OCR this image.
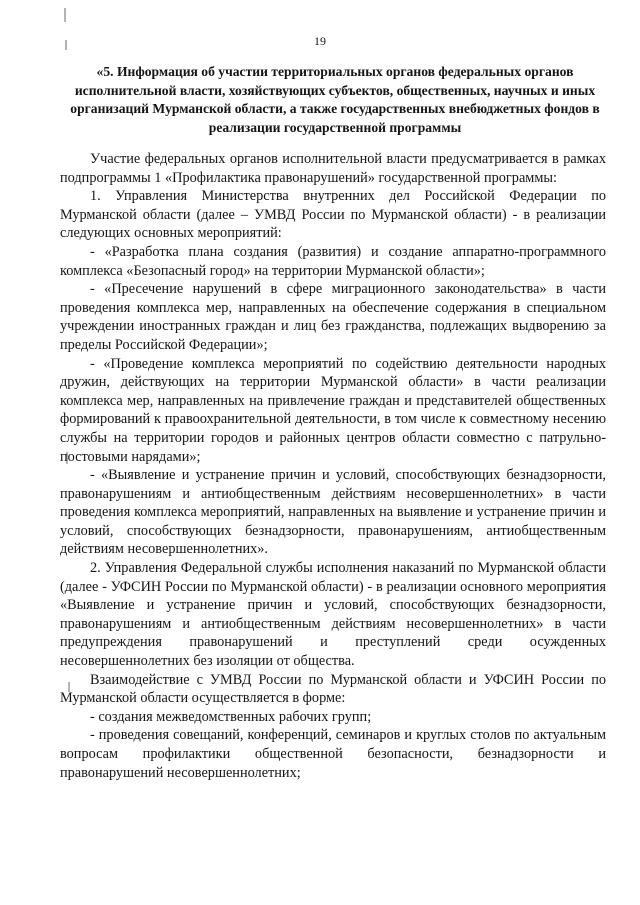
19
«5. Информация об участии территориальных органов федеральных органов исполнительной власти, хозяйствующих субъектов, общественных, научных и иных организаций Мурманской области, а также государственных внебюджетных фондов в реализации государственной программы

Участие федеральных органов исполнительной власти предусматривается в рамках подпрограммы 1 «Профилактика правонарушений» государственной программы:

1. Управления Министерства внутренних дел Российской Федерации по Мурманской области (далее – УМВД России по Мурманской области) - в реализации следующих основных мероприятий:

- «Разработка плана создания (развития) и создание аппаратно-программного комплекса «Безопасный город» на территории Мурманской области»;

- «Пресечение нарушений в сфере миграционного законодательства» в части проведения комплекса мер, направленных на обеспечение содержания в специальном учреждении иностранных граждан и лиц без гражданства, подлежащих выдворению за пределы Российской Федерации»;

- «Проведение комплекса мероприятий по содействию деятельности народных дружин, действующих на территории Мурманской области» в части реализации комплекса мер, направленных на привлечение граждан и представителей общественных формирований к правоохранительной деятельности, в том числе к совместному несению службы на территории городов и районных центров области совместно с патрульно-постовыми нарядами»;

- «Выявление и устранение причин и условий, способствующих безнадзорности, правонарушениям и антиобщественным действиям несовершеннолетних» в части проведения комплекса мероприятий, направленных на выявление и устранение причин и условий, способствующих безнадзорности, правонарушениям, антиобщественным действиям несовершеннолетних».

2. Управления Федеральной службы исполнения наказаний по Мурманской области (далее - УФСИН России по Мурманской области) - в реализации основного мероприятия «Выявление и устранение причин и условий, способствующих безнадзорности, правонарушениям и антиобщественным действиям несовершеннолетних» в части предупреждения правонарушений и преступлений среди осужденных несовершеннолетних без изоляции от общества.

Взаимодействие с УМВД России по Мурманской области и УФСИН России по Мурманской области осуществляется в форме:

- создания межведомственных рабочих групп;

- проведения совещаний, конференций, семинаров и круглых столов по актуальным вопросам профилактики общественной безопасности, безнадзорности и правонарушений несовершеннолетних;
